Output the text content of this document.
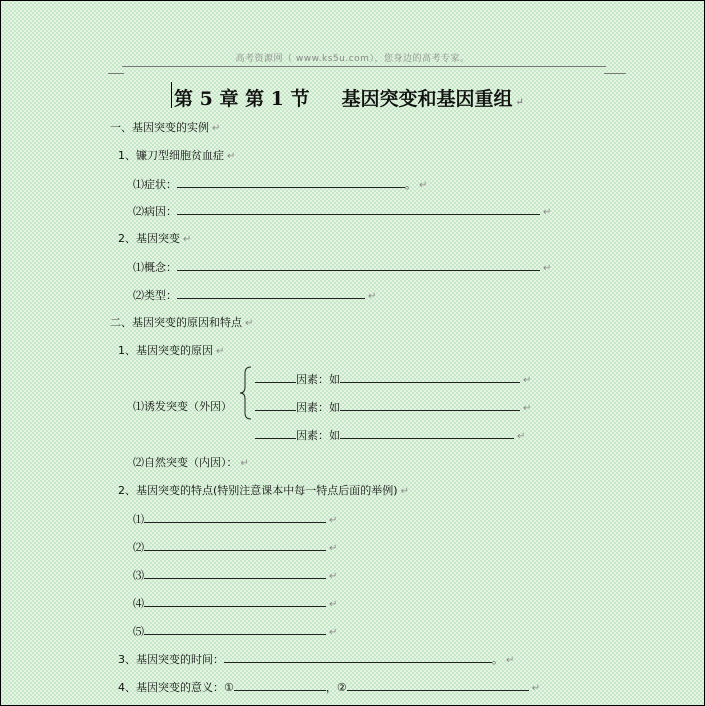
高考资源网（ www.ks5u.com），您身边的高考专家。
第 5 章 第 1 节 基因突变和基因重组 ↵
一、基因突变的实例 ↵
1、镰刀型细胞贫血症 ↵
⑴症状：	。 ↵
⑵病因：	↵
2、基因突变 ↵
⑴概念：	↵
⑵类型：	↵
二、基因突变的原因和特点 ↵
1、基因突变的原因 ↵
因素：如	↵
⑴诱发突变（外因）	因素：如	↵
因素：如	↵
⑵自然突变（内因）： ↵
2、基因突变的特点(特别注意课本中每一特点后面的举例) ↵
⑴	↵
⑵	↵
⑶	↵
⑷	↵
⑸	↵
3、基因突变的时间：	。 ↵
4、基因突变的意义：①	，②	↵
